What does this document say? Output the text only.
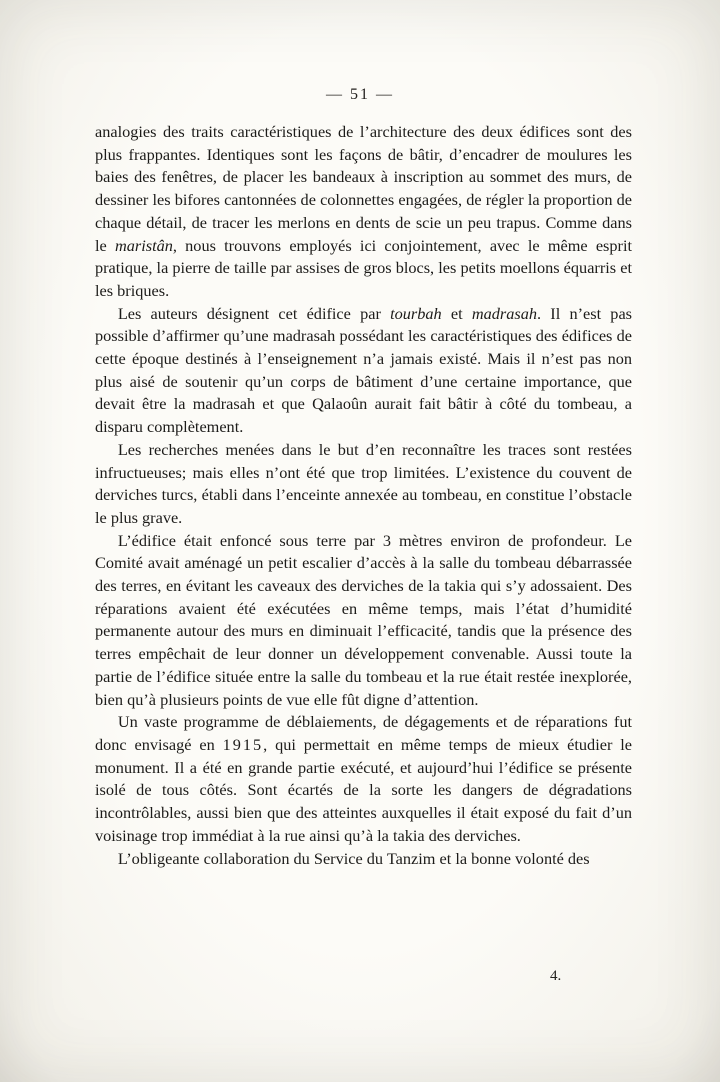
— 51 —

analogies des traits caractéristiques de l’architecture des deux édifices sont des plus frappantes. Identiques sont les façons de bâtir, d’encadrer de moulures les baies des fenêtres, de placer les bandeaux à inscription au sommet des murs, de dessiner les bifores cantonnées de colonnettes engagées, de régler la proportion de chaque détail, de tracer les merlons en dents de scie un peu trapus. Comme dans le maristân, nous trouvons employés ici conjointement, avec le même esprit pratique, la pierre de taille par assises de gros blocs, les petits moellons équarris et les briques.

Les auteurs désignent cet édifice par tourbah et madrasah. Il n’est pas possible d’affirmer qu’une madrasah possédant les caractéristiques des édifices de cette époque destinés à l’enseignement n’a jamais existé. Mais il n’est pas non plus aisé de soutenir qu’un corps de bâtiment d’une certaine importance, que devait être la madrasah et que Qalaoûn aurait fait bâtir à côté du tombeau, a disparu complètement.

Les recherches menées dans le but d’en reconnaître les traces sont restées infructueuses; mais elles n’ont été que trop limitées. L’existence du couvent de derviches turcs, établi dans l’enceinte annexée au tombeau, en constitue l’obstacle le plus grave.

L’édifice était enfoncé sous terre par 3 mètres environ de profondeur. Le Comité avait aménagé un petit escalier d’accès à la salle du tombeau débarrassée des terres, en évitant les caveaux des derviches de la takia qui s’y adossaient. Des réparations avaient été exécutées en même temps, mais l’état d’humidité permanente autour des murs en diminuait l’efficacité, tandis que la présence des terres empêchait de leur donner un développement convenable. Aussi toute la partie de l’édifice située entre la salle du tombeau et la rue était restée inexplorée, bien qu’à plusieurs points de vue elle fût digne d’attention.

Un vaste programme de déblaiements, de dégagements et de réparations fut donc envisagé en 1915, qui permettait en même temps de mieux étudier le monument. Il a été en grande partie exécuté, et aujourd’hui l’édifice se présente isolé de tous côtés. Sont écartés de la sorte les dangers de dégradations incontrôlables, aussi bien que des atteintes auxquelles il était exposé du fait d’un voisinage trop immédiat à la rue ainsi qu’à la takia des derviches.

L’obligeante collaboration du Service du Tanzim et la bonne volonté des

4.
